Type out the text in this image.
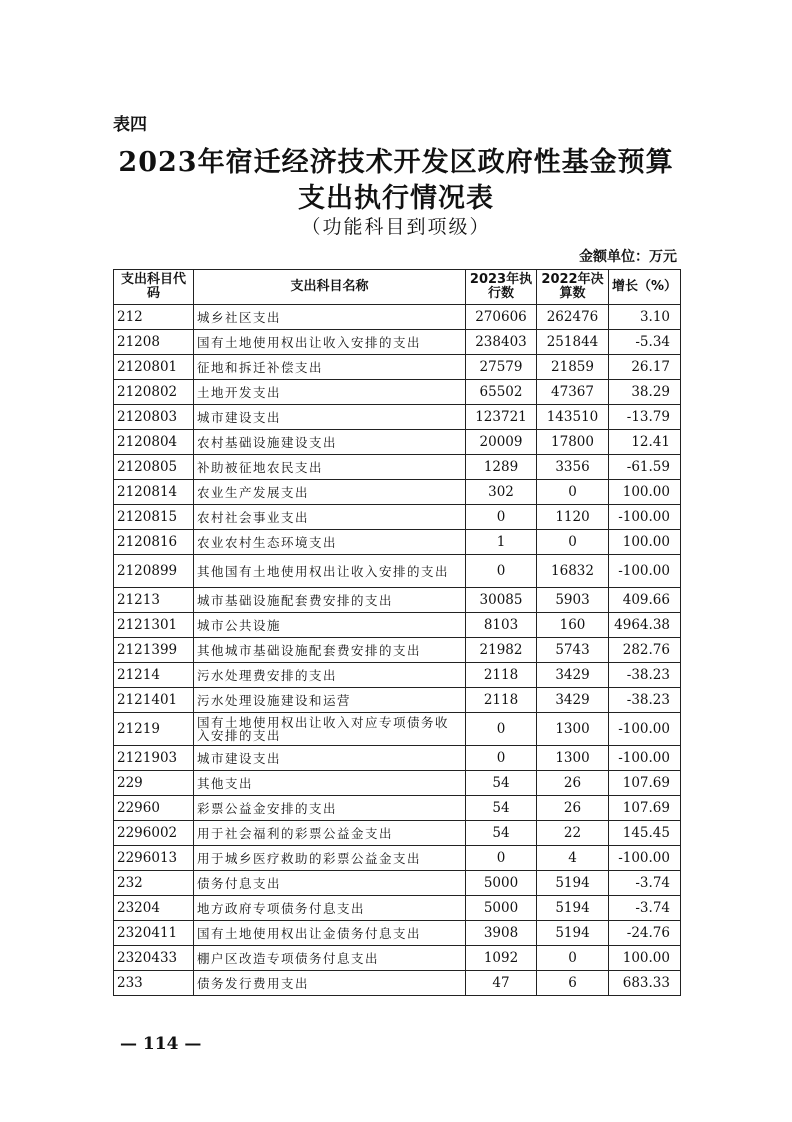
表四
2023年宿迁经济技术开发区政府性基金预算
支出执行情况表
（功能科目到项级）
金额单位：万元
支出科目代码	支出科目名称	2023年执行数	2022年决算数	增长（%）
212	城乡社区支出	270606	262476	3.10
21208	国有土地使用权出让收入安排的支出	238403	251844	-5.34
2120801	征地和拆迁补偿支出	27579	21859	26.17
2120802	土地开发支出	65502	47367	38.29
2120803	城市建设支出	123721	143510	-13.79
2120804	农村基础设施建设支出	20009	17800	12.41
2120805	补助被征地农民支出	1289	3356	-61.59
2120814	农业生产发展支出	302	0	100.00
2120815	农村社会事业支出	0	1120	-100.00
2120816	农业农村生态环境支出	1	0	100.00
2120899	其他国有土地使用权出让收入安排的支出	0	16832	-100.00
21213	城市基础设施配套费安排的支出	30085	5903	409.66
2121301	城市公共设施	8103	160	4964.38
2121399	其他城市基础设施配套费安排的支出	21982	5743	282.76
21214	污水处理费安排的支出	2118	3429	-38.23
2121401	污水处理设施建设和运营	2118	3429	-38.23
21219	国有土地使用权出让收入对应专项债务收入安排的支出	0	1300	-100.00
2121903	城市建设支出	0	1300	-100.00
229	其他支出	54	26	107.69
22960	彩票公益金安排的支出	54	26	107.69
2296002	用于社会福利的彩票公益金支出	54	22	145.45
2296013	用于城乡医疗救助的彩票公益金支出	0	4	-100.00
232	债务付息支出	5000	5194	-3.74
23204	地方政府专项债务付息支出	5000	5194	-3.74
2320411	国有土地使用权出让金债务付息支出	3908	5194	-24.76
2320433	棚户区改造专项债务付息支出	1092	0	100.00
233	债务发行费用支出	47	6	683.33
— 114 —
